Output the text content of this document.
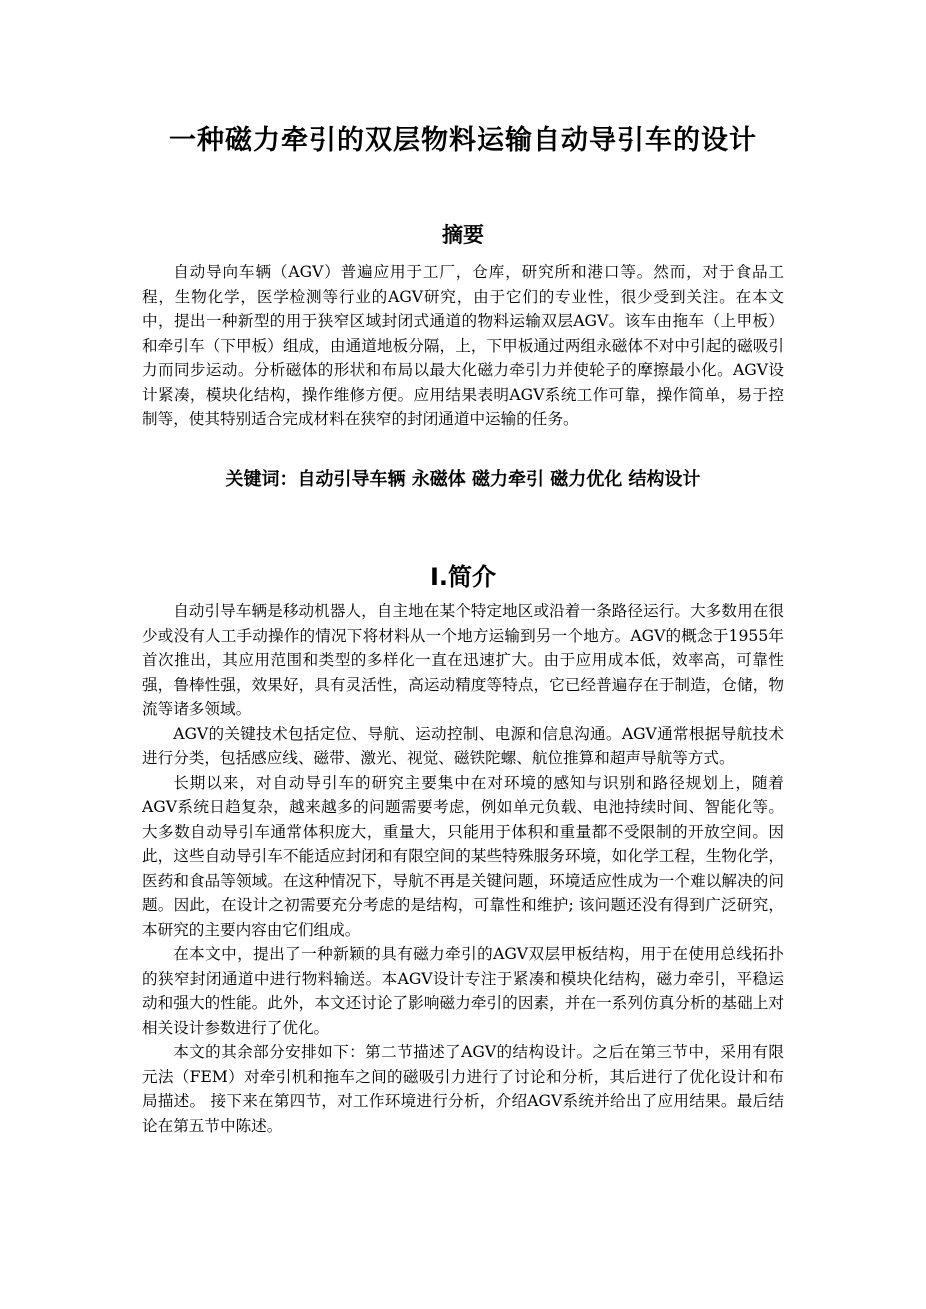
一种磁力牵引的双层物料运输自动导引车的设计
摘要

自动导向车辆（AGV）普遍应用于工厂，仓库，研究所和港口等。然而，对于食品工程，生物化学，医学检测等行业的AGV研究，由于它们的专业性，很少受到关注。在本文中，提出一种新型的用于狭窄区域封闭式通道的物料运输双层AGV。该车由拖车（上甲板）和牵引车（下甲板）组成，由通道地板分隔，上，下甲板通过两组永磁体不对中引起的磁吸引力而同步运动。分析磁体的形状和布局以最大化磁力牵引力并使轮子的摩擦最小化。AGV设计紧凑，模块化结构，操作维修方便。应用结果表明AGV系统工作可靠，操作简单，易于控制等，使其特别适合完成材料在狭窄的封闭通道中运输的任务。

关键词：自动引导车辆 永磁体 磁力牵引 磁力优化 结构设计

I.简介

自动引导车辆是移动机器人，自主地在某个特定地区或沿着一条路径运行。大多数用在很少或没有人工手动操作的情况下将材料从一个地方运输到另一个地方。AGV的概念于1955年首次推出，其应用范围和类型的多样化一直在迅速扩大。由于应用成本低，效率高，可靠性强，鲁棒性强，效果好，具有灵活性，高运动精度等特点，它已经普遍存在于制造，仓储，物流等诸多领域。

AGV的关键技术包括定位、导航、运动控制、电源和信息沟通。AGV通常根据导航技术进行分类，包括感应线、磁带、激光、视觉、磁铁陀螺、航位推算和超声导航等方式。

长期以来，对自动导引车的研究主要集中在对环境的感知与识别和路径规划上，随着AGV系统日趋复杂，越来越多的问题需要考虑，例如单元负载、电池持续时间、智能化等。大多数自动导引车通常体积庞大，重量大，只能用于体积和重量都不受限制的开放空间。因此，这些自动导引车不能适应封闭和有限空间的某些特殊服务环境，如化学工程，生物化学，医药和食品等领域。在这种情况下，导航不再是关键问题，环境适应性成为一个难以解决的问题。因此，在设计之初需要充分考虑的是结构，可靠性和维护; 该问题还没有得到广泛研究，本研究的主要内容由它们组成。

在本文中，提出了一种新颖的具有磁力牵引的AGV双层甲板结构，用于在使用总线拓扑的狭窄封闭通道中进行物料输送。本AGV设计专注于紧凑和模块化结构，磁力牵引，平稳运动和强大的性能。此外，本文还讨论了影响磁力牵引的因素，并在一系列仿真分析的基础上对相关设计参数进行了优化。

本文的其余部分安排如下：第二节描述了AGV的结构设计。之后在第三节中，采用有限元法（FEM）对牵引机和拖车之间的磁吸引力进行了讨论和分析，其后进行了优化设计和布局描述。 接下来在第四节，对工作环境进行分析，介绍AGV系统并给出了应用结果。最后结论在第五节中陈述。
